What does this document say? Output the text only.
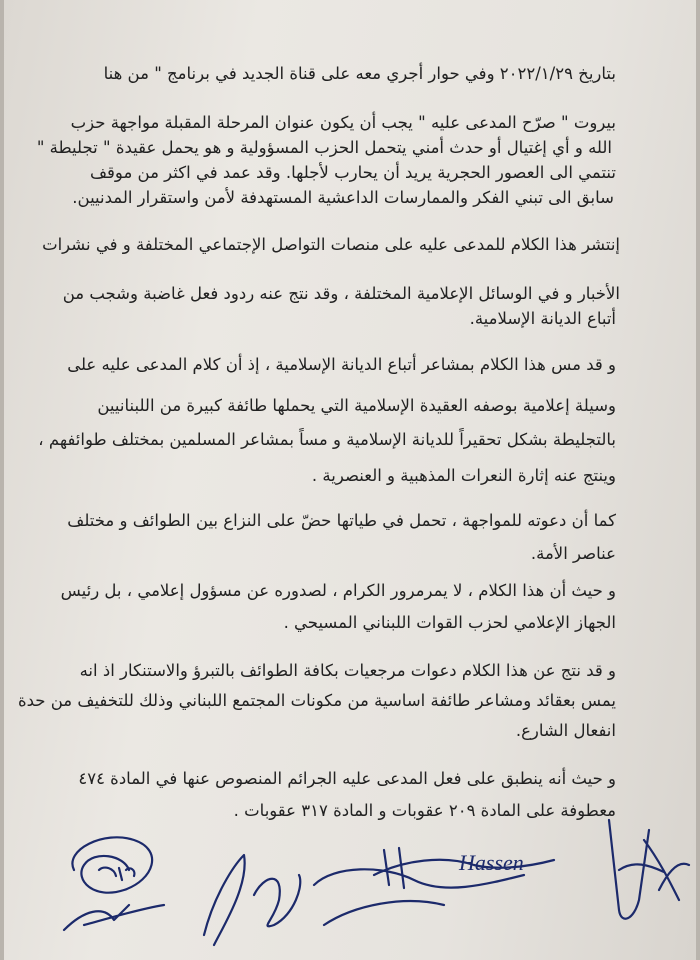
بتاريخ ٢٠٢٢/١/٢٩ وفي حوار أجري معه على قناة الجديد في برنامج " من هنا
بيروت " صرّح المدعى عليه " يجب أن يكون عنوان المرحلة المقبلة مواجهة حزب
الله و أي إغتيال أو حدث أمني يتحمل الحزب المسؤولية و هو يحمل عقيدة " تجليطة "
تنتمي الى العصور الحجرية يريد أن يحارب لأجلها. وقد عمد في اكثر من موقف
سابق الى تبني الفكر والممارسات الداعشية المستهدفة لأمن واستقرار المدنيين.
إنتشر هذا الكلام للمدعى عليه على منصات التواصل الإجتماعي المختلفة و في نشرات
الأخبار و في الوسائل الإعلامية المختلفة ، وقد نتج عنه ردود فعل غاضبة وشجب من
أتباع الديانة الإسلامية.
و قد مس هذا الكلام بمشاعر أتباع الديانة الإسلامية ، إذ أن كلام المدعى عليه على
وسيلة إعلامية بوصفه العقيدة الإسلامية التي يحملها طائفة كبيرة من اللبنانيين
بالتجليطة بشكل تحقيراً للديانة الإسلامية و مساً بمشاعر المسلمين بمختلف طوائفهم ،
وينتج عنه إثارة النعرات المذهبية و العنصرية .
كما أن دعوته للمواجهة ، تحمل في طياتها حضّ على النزاع بين الطوائف و مختلف
عناصر الأمة.
و حيث أن هذا الكلام ، لا يمرمرور الكرام ، لصدوره عن مسؤول إعلامي ، بل رئيس
الجهاز الإعلامي لحزب القوات اللبناني المسيحي .
و قد نتج عن هذا الكلام دعوات مرجعيات بكافة الطوائف بالتبرؤ والاستنكار اذ انه
يمس بعقائد ومشاعر طائفة اساسية من مكونات المجتمع اللبناني وذلك للتخفيف من حدة
انفعال الشارع.
و حيث أنه ينطبق على فعل المدعى عليه الجرائم المنصوص عنها في المادة ٤٧٤
معطوفة على المادة ٢٠٩ عقوبات و المادة ٣١٧ عقوبات .
Hassen
